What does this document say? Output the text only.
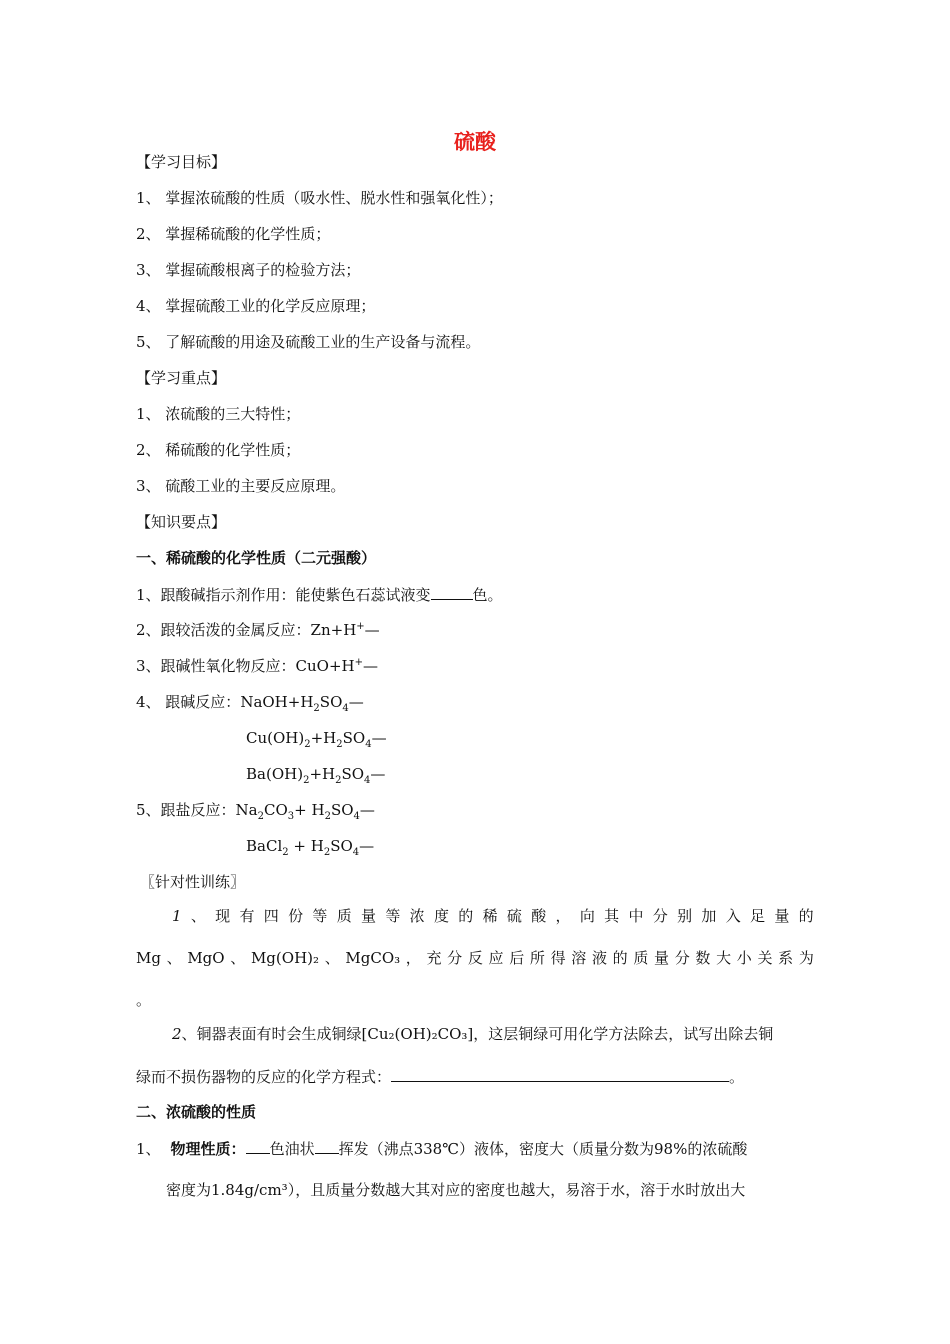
硫酸
【学习目标】
1、 掌握浓硫酸的性质（吸水性、脱水性和强氧化性）；
2、 掌握稀硫酸的化学性质；
3、 掌握硫酸根离子的检验方法；
4、 掌握硫酸工业的化学反应原理；
5、 了解硫酸的用途及硫酸工业的生产设备与流程。
【学习重点】
1、 浓硫酸的三大特性；
2、 稀硫酸的化学性质；
3、 硫酸工业的主要反应原理。
【知识要点】
一、稀硫酸的化学性质（二元强酸）
1、跟酸碱指示剂作用：能使紫色石蕊试液变	色。
2、跟较活泼的金属反应：Zn+H+—
3、跟碱性氧化物反应：CuO+H+—
4、 跟碱反应：$NaOH+H_2SO_4—$
$Cu(OH)_2+H_2SO_4—$
$Ba(OH)_2+H_2SO_4—$
5、跟盐反应：$Na_2CO_3+$ $H_2SO_4—$
BaCl$_2$ + $H_2SO_4—$
〖针对性训练〗
1 、 现 有 四 份 等 质 量 等 浓 度 的 稀 硫 酸 ， 向 其 中 分 别 加 入 足 量 的
Mg 、 MgO 、 Mg(OH)₂ 、 MgCO₃ ， 充 分 反 应 后 所 得 溶 液 的 质 量 分 数 大 小 关 系 为
。
2、铜器表面有时会生成铜绿[Cu₂(OH)₂CO₃]，这层铜绿可用化学方法除去，试写出除去铜
绿而不损伤器物的反应的化学方程式：	。
二、浓硫酸的性质
1、 物理性质： 色油状 挥发（沸点338℃）液体，密度大（质量分数为98%的浓硫酸
密度为1.84g/cm³），且质量分数越大其对应的密度也越大，易溶于水，溶于水时放出大
